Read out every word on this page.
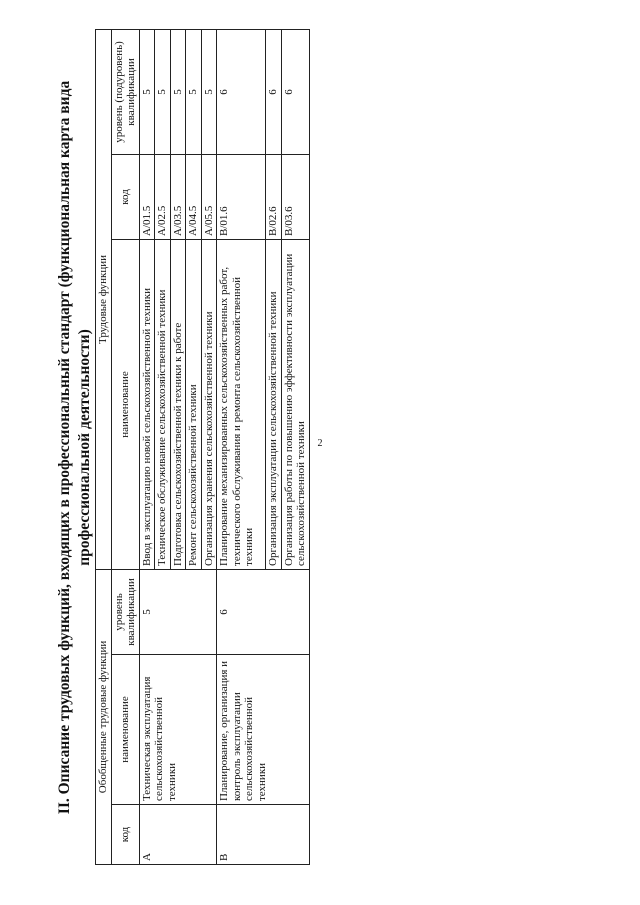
2
II. Описание трудовых функций, входящих в профессиональный стандарт (функциональная карта вида профессиональной деятельности)
Обобщенные трудовые функции			Трудовые функции		
код	наименование	уровень квалификации	наименование	код	уровень (подуровень) квалификации
A	Техническая эксплуатация сельскохозяйственной техники	5	Ввод в эксплуатацию новой сельскохозяйственной техники	A/01.5	5
			Техническое обслуживание сельскохозяйственной техники	A/02.5	5
			Подготовка сельскохозяйственной техники к работе	A/03.5	5
			Ремонт сельскохозяйственной техники	A/04.5	5
			Организация хранения сельскохозяйственной техники	A/05.5	5
B	Планирование, организация и контроль эксплуатации сельскохозяйственной техники	6	Планирование механизированных сельскохозяйственных работ, технического обслуживания и ремонта сельскохозяйственной техники	B/01.6	6
			Организация эксплуатации сельскохозяйственной техники	B/02.6	6
			Организация работы по повышению эффективности эксплуатации сельскохозяйственной техники	B/03.6	6
